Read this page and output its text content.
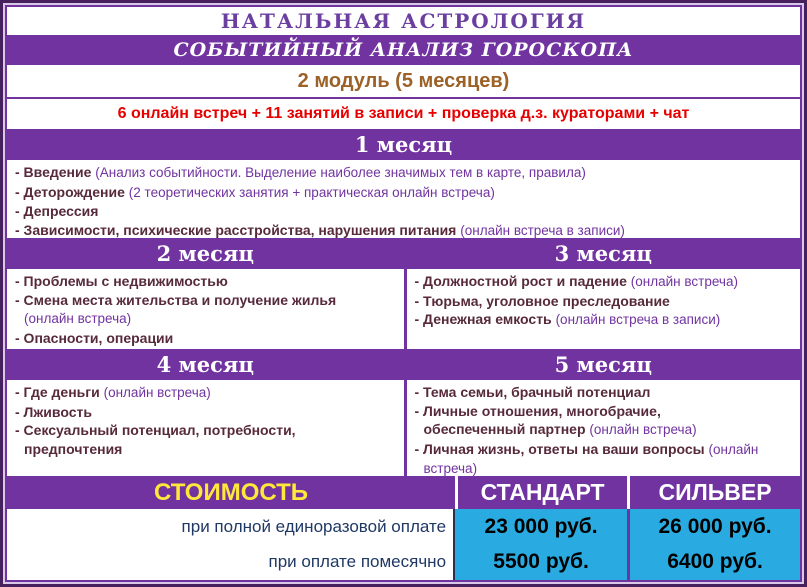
НАТАЛЬНАЯ АСТРОЛОГИЯ
СОБЫТИЙНЫЙ АНАЛИЗ ГОРОСКОПА
2 модуль (5 месяцев)
6 онлайн встреч + 11 занятий в записи + проверка д.з. кураторами + чат
1 месяц
- Введение (Анализ событийности. Выделение наиболее значимых тем в карте, правила)
- Деторождение (2 теоретических занятия + практическая онлайн встреча)
- Депрессия
- Зависимости, психические расстройства, нарушения питания (онлайн встреча в записи)
2 месяц
- Проблемы с недвижимостью
- Смена места жительства и получение жилья
(онлайн встреча)
- Опасности, операции
3 месяц
- Должностной рост и падение (онлайн встреча)
- Тюрьма, уголовное преследование
- Денежная емкость (онлайн встреча в записи)
4 месяц
- Где деньги (онлайн встреча)
- Лживость
- Сексуальный потенциал, потребности,
предпочтения
5 месяц
- Тема семьи, брачный потенциал
- Личные отношения, многобрачие,
обеспеченный партнер (онлайн встреча)
- Личная жизнь, ответы на ваши вопросы (онлайн
встреча)
СТОИМОСТЬ	СТАНДАРТ	СИЛЬВЕР
при полной единоразовой оплате	23 000 руб.	26 000 руб.
при оплате помесячно	5500 руб.	6400 руб.
